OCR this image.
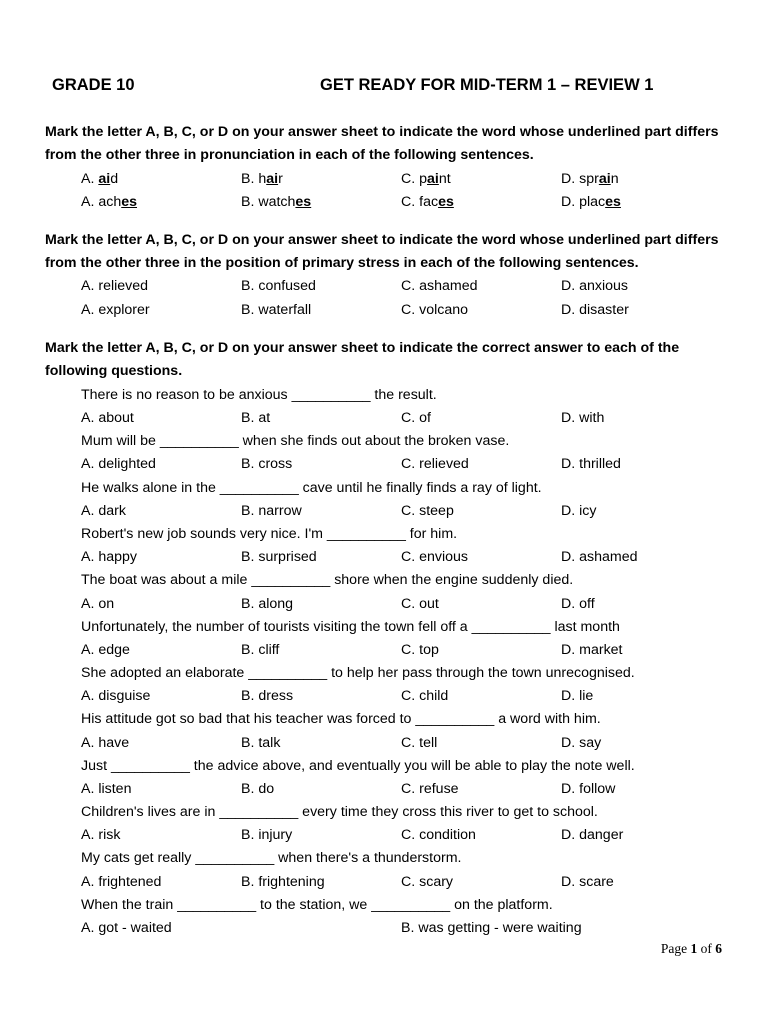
GRADE 10	GET READY FOR MID-TERM 1 – REVIEW 1
Mark the letter A, B, C, or D on your answer sheet to indicate the word whose underlined part differs from the other three in pronunciation in each of the following sentences.
A. aid	B. hair	C. paint	D. sprain
A. aches	B. watches	C. faces	D. places
Mark the letter A, B, C, or D on your answer sheet to indicate the word whose underlined part differs from the other three in the position of primary stress in each of the following sentences.
A. relieved	B. confused	C. ashamed	D. anxious
A. explorer	B. waterfall	C. volcano	D. disaster
Mark the letter A, B, C, or D on your answer sheet to indicate the correct answer to each of the following questions.
There is no reason to be anxious __________ the result.
A. about	B. at	C. of	D. with
Mum will be __________ when she finds out about the broken vase.
A. delighted	B. cross	C. relieved	D. thrilled
He walks alone in the __________ cave until he finally finds a ray of light.
A. dark	B. narrow	C. steep	D. icy
Robert's new job sounds very nice. I'm __________ for him.
A. happy	B. surprised	C. envious	D. ashamed
The boat was about a mile __________ shore when the engine suddenly died.
A. on	B. along	C. out	D. off
Unfortunately, the number of tourists visiting the town fell off a __________ last month
A. edge	B. cliff	C. top	D. market
She adopted an elaborate __________ to help her pass through the town unrecognised.
A. disguise	B. dress	C. child	D. lie
His attitude got so bad that his teacher was forced to __________ a word with him.
A. have	B. talk	C. tell	D. say
Just __________ the advice above, and eventually you will be able to play the note well.
A. listen	B. do	C. refuse	D. follow
Children's lives are in __________ every time they cross this river to get to school.
A. risk	B. injury	C. condition	D. danger
My cats get really __________ when there's a thunderstorm.
A. frightened	B. frightening	C. scary	D. scare
When the train __________ to the station, we __________ on the platform.
A. got - waited	B. was getting - were waiting
Page 1 of 6
